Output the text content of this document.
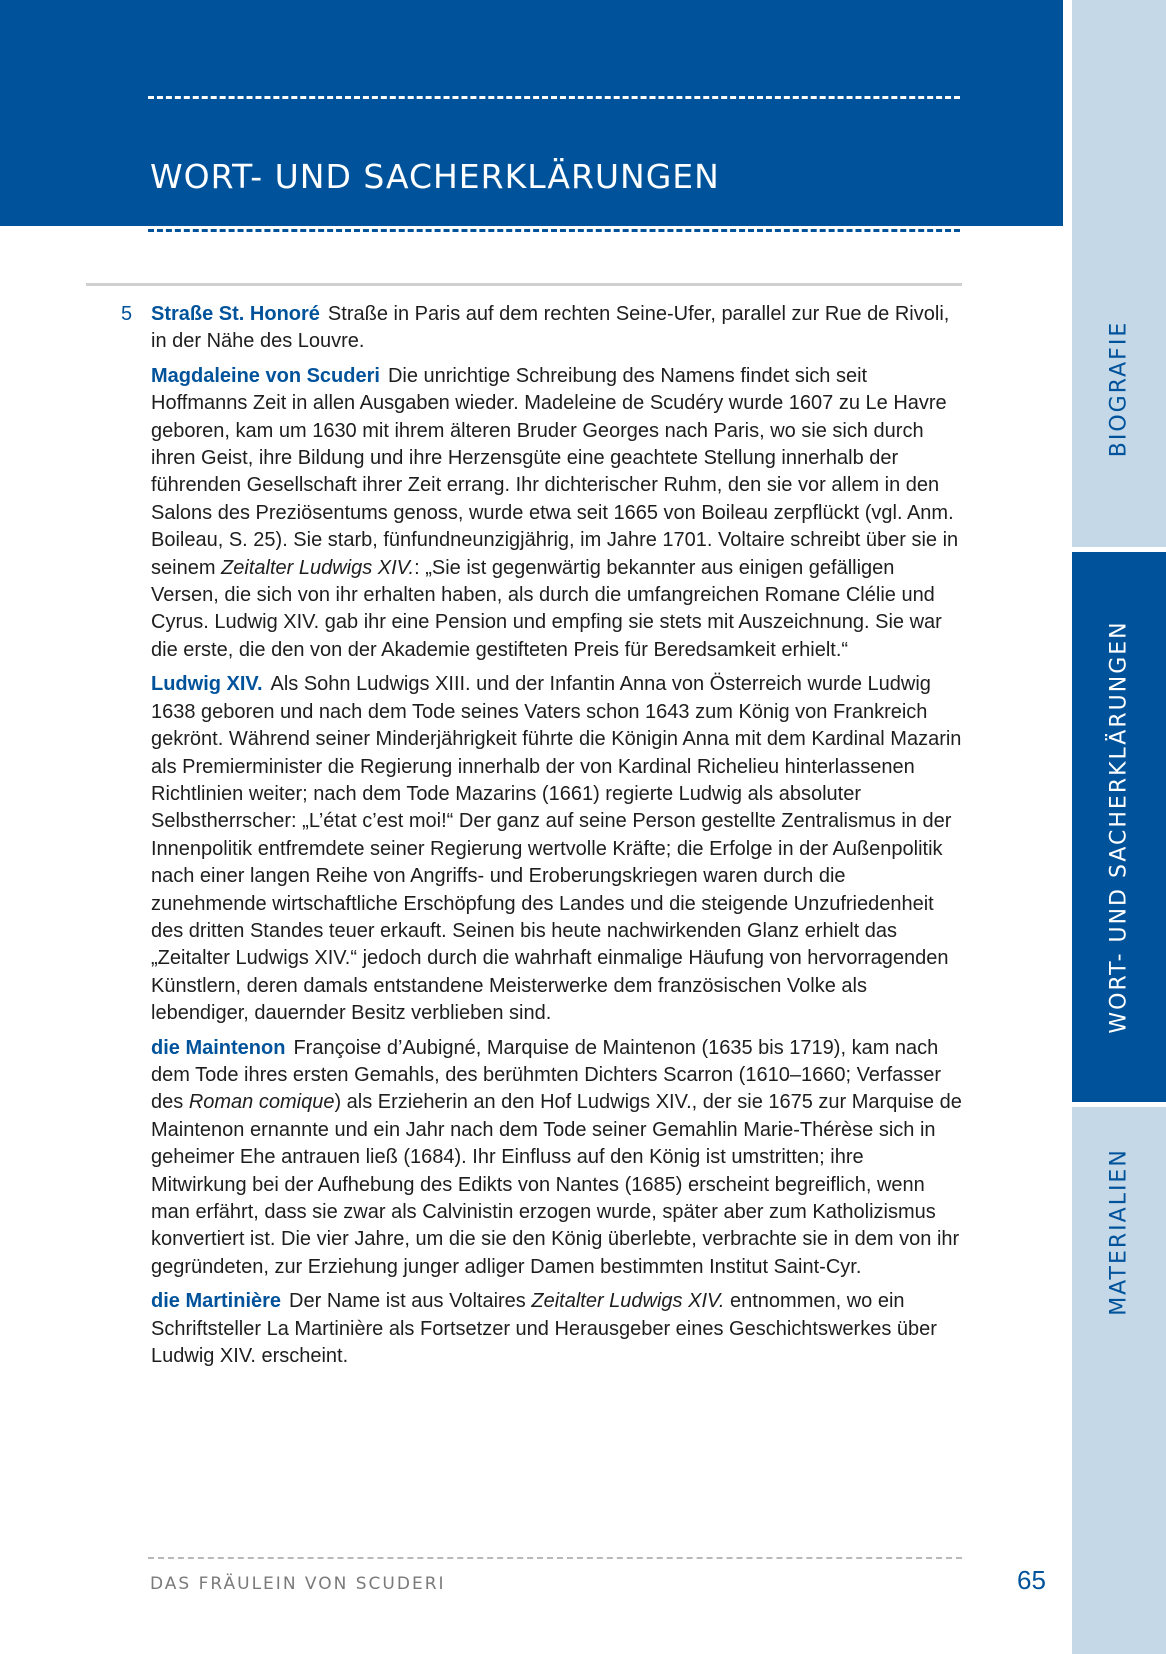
WORT- UND SACHERKLÄRUNGEN

5 Straße St. Honoré Straße in Paris auf dem rechten Seine-Ufer, parallel zur Rue de Rivoli, in der Nähe des Louvre.

Magdaleine von Scuderi Die unrichtige Schreibung des Namens findet sich seit Hoffmanns Zeit in allen Ausgaben wieder. Madeleine de Scudéry wurde 1607 zu Le Havre geboren, kam um 1630 mit ihrem älteren Bruder Georges nach Paris, wo sie sich durch ihren Geist, ihre Bildung und ihre Herzensgüte eine geachtete Stellung innerhalb der führenden Gesellschaft ihrer Zeit errang. Ihr dichterischer Ruhm, den sie vor allem in den Salons des Preziösentums genoss, wurde etwa seit 1665 von Boileau zerpflückt (vgl. Anm. Boileau, S. 25). Sie starb, fünfundneunzigjährig, im Jahre 1701. Voltaire schreibt über sie in seinem Zeitalter Ludwigs XIV.: „Sie ist gegenwärtig bekannter aus einigen gefälligen Versen, die sich von ihr erhalten haben, als durch die umfangreichen Romane Clélie und Cyrus. Ludwig XIV. gab ihr eine Pension und empfing sie stets mit Auszeichnung. Sie war die erste, die den von der Akademie gestifteten Preis für Beredsamkeit erhielt.“

Ludwig XIV. Als Sohn Ludwigs XIII. und der Infantin Anna von Österreich wurde Ludwig 1638 geboren und nach dem Tode seines Vaters schon 1643 zum König von Frankreich gekrönt. Während seiner Minderjährigkeit führte die Königin Anna mit dem Kardinal Mazarin als Premierminister die Regierung innerhalb der von Kardinal Richelieu hinterlassenen Richtlinien weiter; nach dem Tode Mazarins (1661) regierte Ludwig als absoluter Selbstherrscher: „L’état c’est moi!“ Der ganz auf seine Person gestellte Zentralismus in der Innenpolitik entfremdete seiner Regierung wertvolle Kräfte; die Erfolge in der Außenpolitik nach einer langen Reihe von Angriffs- und Eroberungskriegen waren durch die zunehmende wirtschaftliche Erschöpfung des Landes und die steigende Unzufriedenheit des dritten Standes teuer erkauft. Seinen bis heute nachwirkenden Glanz erhielt das „Zeitalter Ludwigs XIV.“ jedoch durch die wahrhaft einmalige Häufung von hervorragenden Künstlern, deren damals entstandene Meisterwerke dem französischen Volke als lebendiger, dauernder Besitz verblieben sind.

die Maintenon Françoise d’Aubigné, Marquise de Maintenon (1635 bis 1719), kam nach dem Tode ihres ersten Gemahls, des berühmten Dichters Scarron (1610–1660; Verfasser des Roman comique) als Erzieherin an den Hof Ludwigs XIV., der sie 1675 zur Marquise de Maintenon ernannte und ein Jahr nach dem Tode seiner Gemahlin Marie-Thérèse sich in geheimer Ehe antrauen ließ (1684). Ihr Einfluss auf den König ist umstritten; ihre Mitwirkung bei der Aufhebung des Edikts von Nantes (1685) erscheint begreiflich, wenn man erfährt, dass sie zwar als Calvinistin erzogen wurde, später aber zum Katholizismus konvertiert ist. Die vier Jahre, um die sie den König überlebte, verbrachte sie in dem von ihr gegründeten, zur Erziehung junger adliger Damen bestimmten Institut Saint-Cyr.

die Martinière Der Name ist aus Voltaires Zeitalter Ludwigs XIV. entnommen, wo ein Schriftsteller La Martinière als Fortsetzer und Herausgeber eines Geschichtswerkes über Ludwig XIV. erscheint.

BIOGRAFIE
WORT- UND SACHERKLÄRUNGEN
MATERIALIEN
DAS FRÄULEIN VON SCUDERI	65
